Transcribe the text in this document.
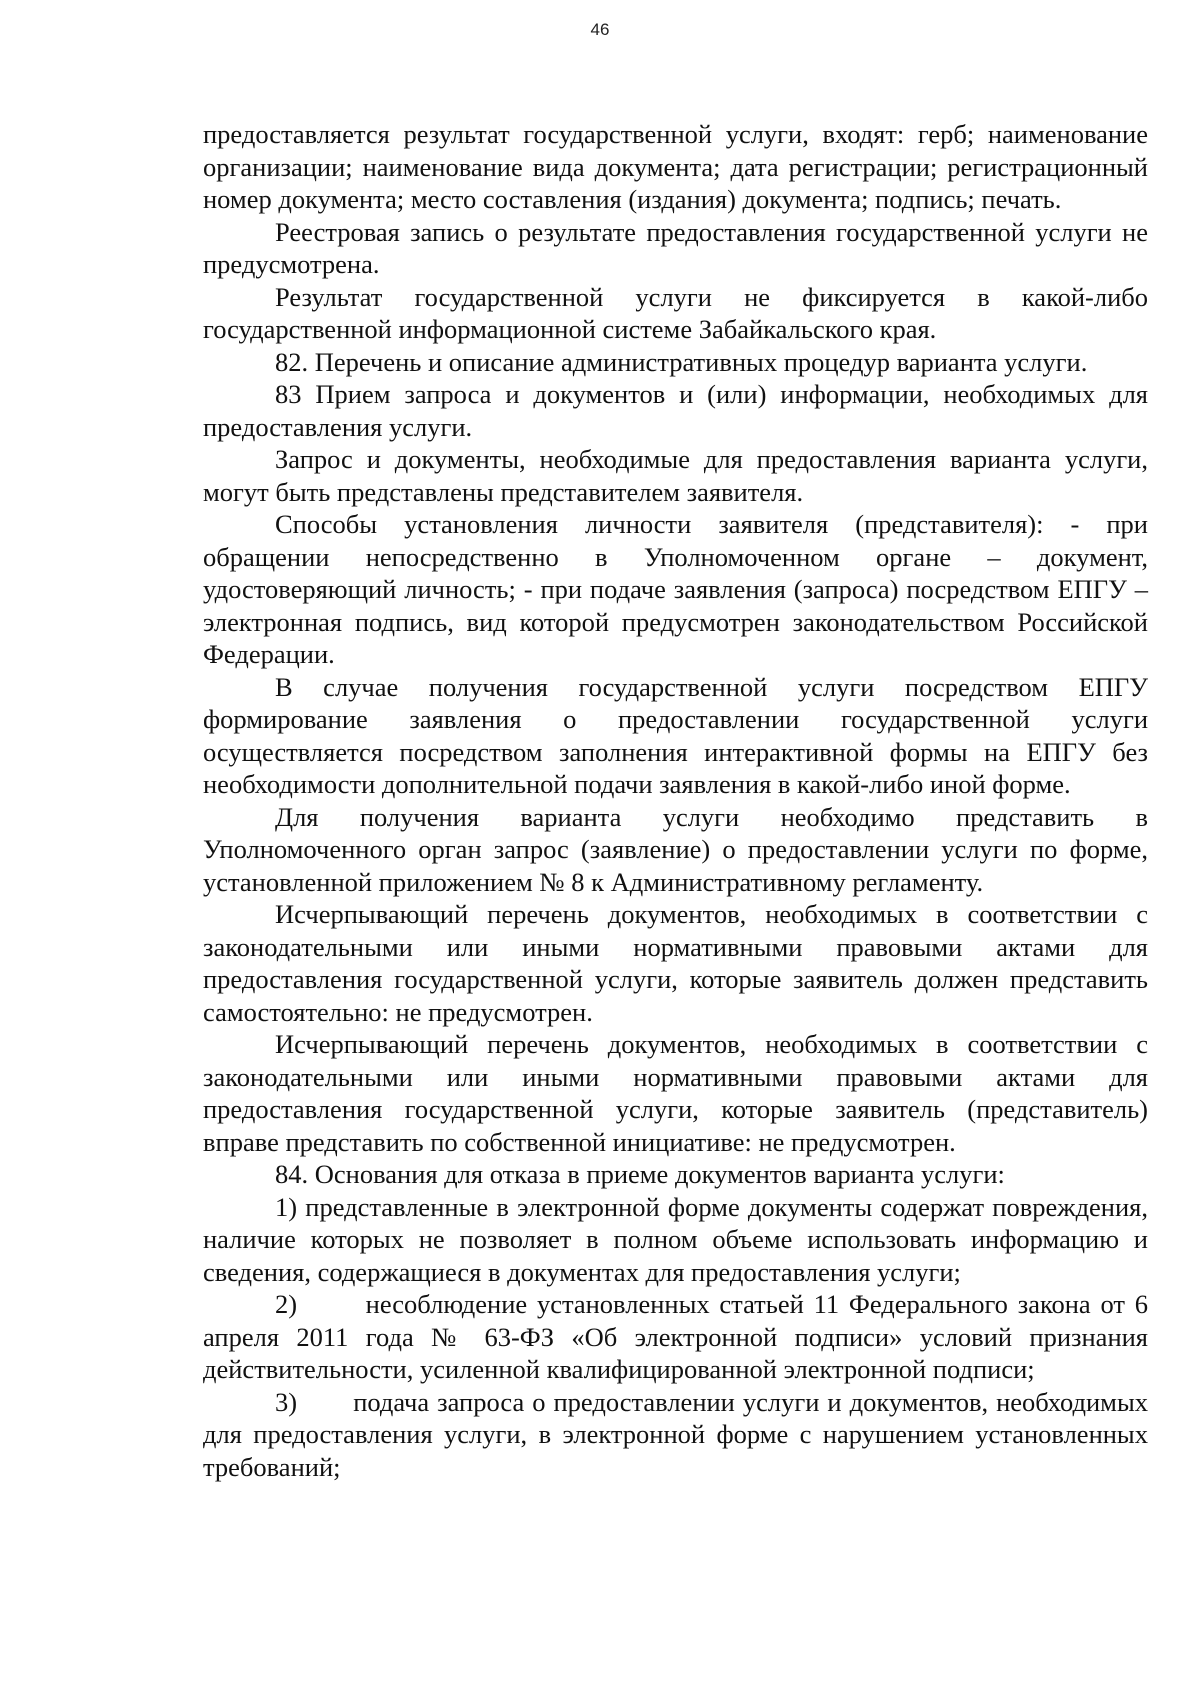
46

предоставляется результат государственной услуги, входят: герб; наименование организации; наименование вида документа; дата регистрации; регистрационный номер документа; место составления (издания) документа; подпись; печать.

Реестровая запись о результате предоставления государственной услуги не предусмотрена.

Результат государственной услуги не фиксируется в какой-либо государственной информационной системе Забайкальского края.

82. Перечень и описание административных процедур варианта услуги.

83 Прием запроса и документов и (или) информации, необходимых для предоставления услуги.

Запрос и документы, необходимые для предоставления варианта услуги, могут быть представлены представителем заявителя.

Способы установления личности заявителя (представителя): - при обращении непосредственно в Уполномоченном органе – документ, удостоверяющий личность; - при подаче заявления (запроса) посредством ЕПГУ – электронная подпись, вид которой предусмотрен законодательством Российской Федерации.

В случае получения государственной услуги посредством ЕПГУ формирование заявления о предоставлении государственной услуги осуществляется посредством заполнения интерактивной формы на ЕПГУ без необходимости дополнительной подачи заявления в какой-либо иной форме.

Для получения варианта услуги необходимо представить в Уполномоченного орган запрос (заявление) о предоставлении услуги по форме, установленной приложением № 8 к Административному регламенту.

Исчерпывающий перечень документов, необходимых в соответствии с законодательными или иными нормативными правовыми актами для предоставления государственной услуги, которые заявитель должен представить самостоятельно: не предусмотрен.

Исчерпывающий перечень документов, необходимых в соответствии с законодательными или иными нормативными правовыми актами для предоставления государственной услуги, которые заявитель (представитель) вправе представить по собственной инициативе: не предусмотрен.

84. Основания для отказа в приеме документов варианта услуги:

1) представленные в электронной форме документы содержат повреждения, наличие которых не позволяет в полном объеме использовать информацию и сведения, содержащиеся в документах для предоставления услуги;

2)       несоблюдение установленных статьей 11 Федерального закона от 6 апреля 2011 года № 63-ФЗ «Об электронной подписи» условий признания действительности, усиленной квалифицированной электронной подписи;

3)       подача запроса о предоставлении услуги и документов, необходимых для предоставления услуги, в электронной форме с нарушением установленных требований;
